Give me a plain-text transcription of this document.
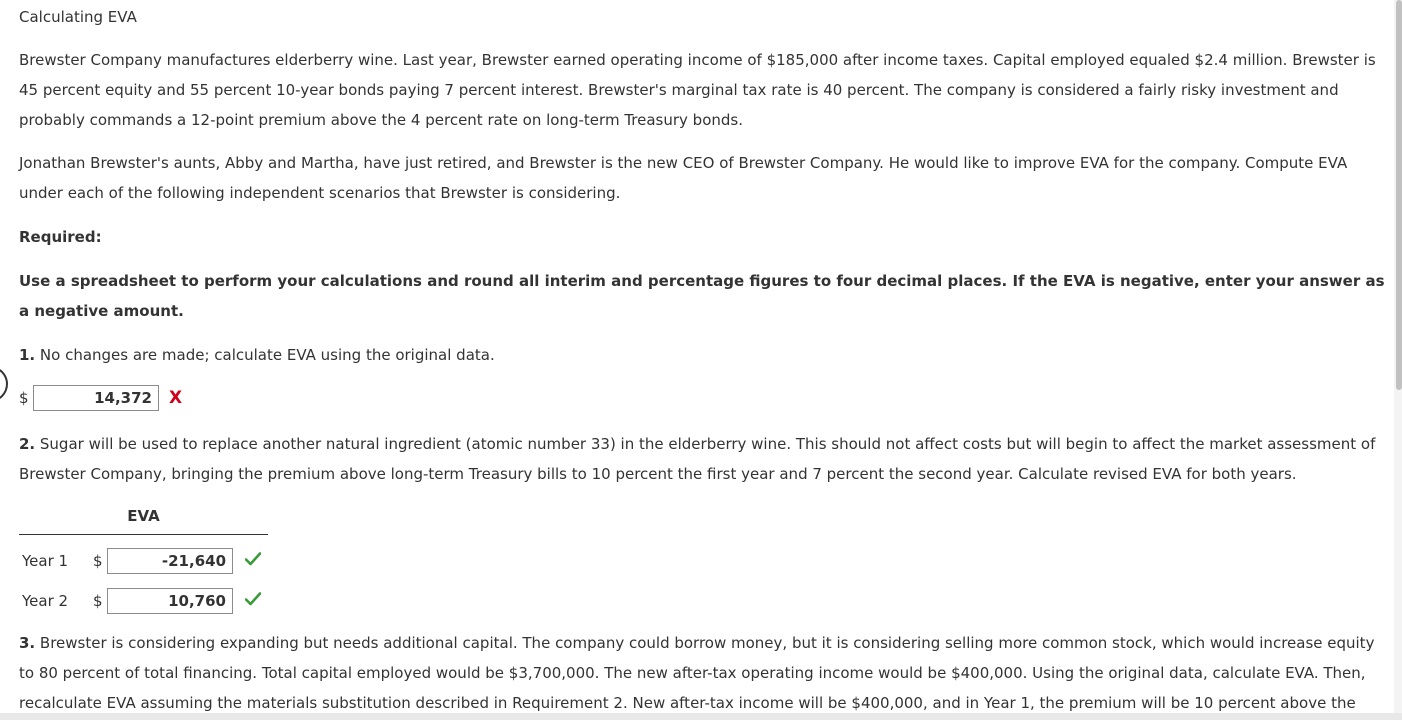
Calculating EVA
Brewster Company manufactures elderberry wine. Last year, Brewster earned operating income of $185,000 after income taxes. Capital employed equaled $2.4 million. Brewster is 45 percent equity and 55 percent 10-year bonds paying 7 percent interest. Brewster's marginal tax rate is 40 percent. The company is considered a fairly risky investment and probably commands a 12-point premium above the 4 percent rate on long-term Treasury bonds.
Jonathan Brewster's aunts, Abby and Martha, have just retired, and Brewster is the new CEO of Brewster Company. He would like to improve EVA for the company. Compute EVA under each of the following independent scenarios that Brewster is considering.
Required:
Use a spreadsheet to perform your calculations and round all interim and percentage figures to four decimal places. If the EVA is negative, enter your answer as a negative amount.
1. No changes are made; calculate EVA using the original data.
$	14,372	X
2. Sugar will be used to replace another natural ingredient (atomic number 33) in the elderberry wine. This should not affect costs but will begin to affect the market assessment of Brewster Company, bringing the premium above long-term Treasury bills to 10 percent the first year and 7 percent the second year. Calculate revised EVA for both years.
EVA
Year 1	$	-21,640
Year 2	$	10,760
3. Brewster is considering expanding but needs additional capital. The company could borrow money, but it is considering selling more common stock, which would increase equity to 80 percent of total financing. Total capital employed would be $3,700,000. The new after-tax operating income would be $400,000. Using the original data, calculate EVA. Then, recalculate EVA assuming the materials substitution described in Requirement 2. New after-tax income will be $400,000, and in Year 1, the premium will be 10 percent above the
